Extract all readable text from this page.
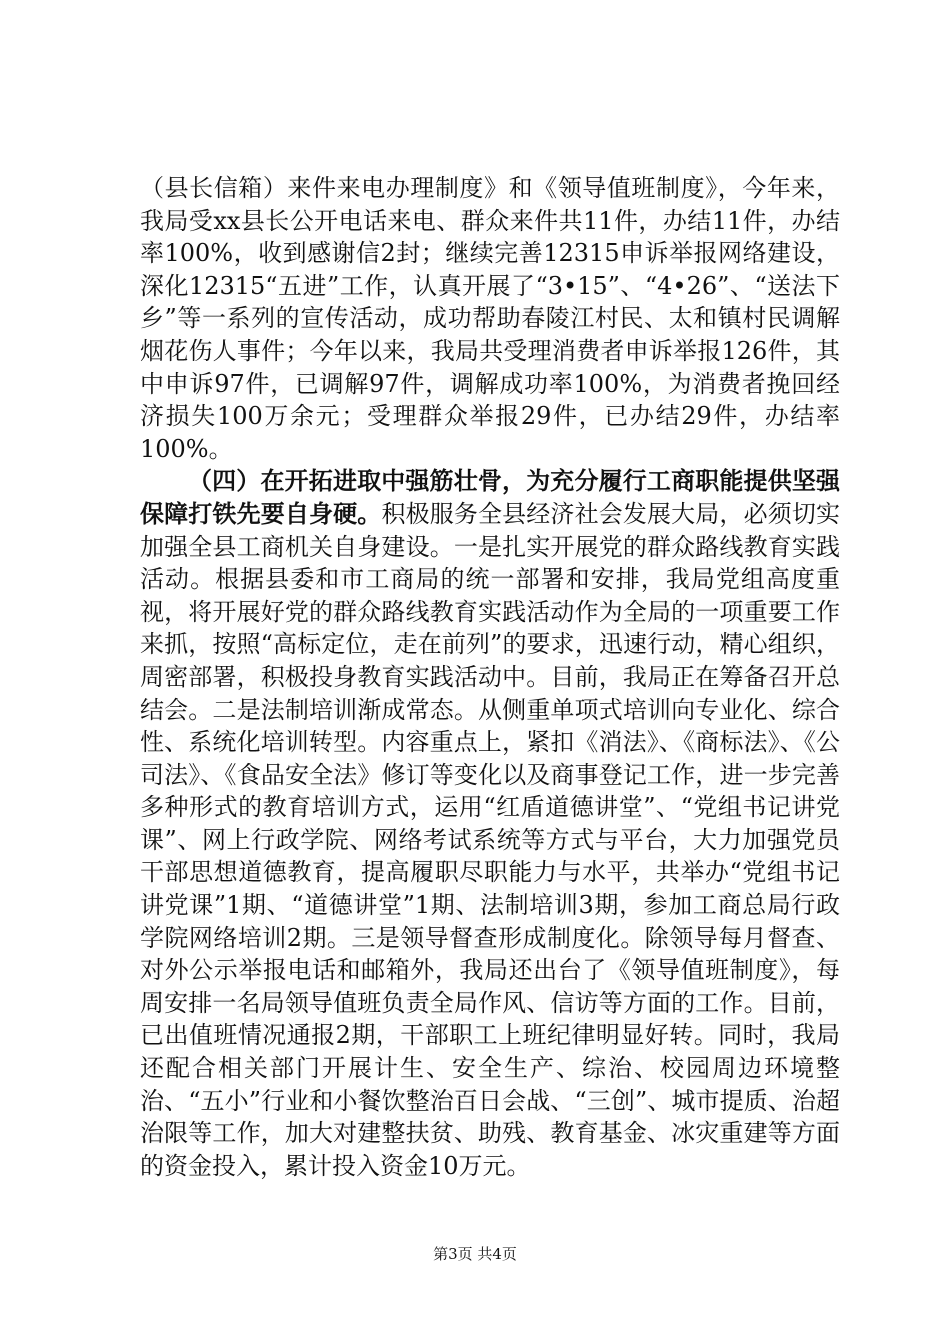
（县长信箱）来件来电办理制度》和《领导值班制度》，今年来，我局受xx县长公开电话来电、群众来件共11件，办结11件，办结率100%，收到感谢信2封；继续完善12315申诉举报网络建设，深化12315“五进”工作，认真开展了“3•15”、“4•26”、“送法下乡”等一系列的宣传活动，成功帮助春陵江村民、太和镇村民调解烟花伤人事件；今年以来，我局共受理消费者申诉举报126件，其中申诉97件，已调解97件，调解成功率100%，为消费者挽回经济损失100万余元；受理群众举报29件，已办结29件，办结率100%。

（四）在开拓进取中强筋壮骨，为充分履行工商职能提供坚强保障打铁先要自身硬。积极服务全县经济社会发展大局，必须切实加强全县工商机关自身建设。一是扎实开展党的群众路线教育实践活动。根据县委和市工商局的统一部署和安排，我局党组高度重视，将开展好党的群众路线教育实践活动作为全局的一项重要工作来抓，按照“高标定位，走在前列”的要求，迅速行动，精心组织，周密部署，积极投身教育实践活动中。目前，我局正在筹备召开总结会。二是法制培训渐成常态。从侧重单项式培训向专业化、综合性、系统化培训转型。内容重点上，紧扣《消法》、《商标法》、《公司法》、《食品安全法》修订等变化以及商事登记工作，进一步完善多种形式的教育培训方式，运用“红盾道德讲堂”、“党组书记讲党课”、网上行政学院、网络考试系统等方式与平台，大力加强党员干部思想道德教育，提高履职尽职能力与水平，共举办“党组书记讲党课”1期、“道德讲堂”1期、法制培训3期，参加工商总局行政学院网络培训2期。三是领导督查形成制度化。除领导每月督查、对外公示举报电话和邮箱外，我局还出台了《领导值班制度》，每周安排一名局领导值班负责全局作风、信访等方面的工作。目前，已出值班情况通报2期，干部职工上班纪律明显好转。同时，我局还配合相关部门开展计生、安全生产、综治、校园周边环境整治、“五小”行业和小餐饮整治百日会战、“三创”、城市提质、治超治限等工作，加大对建整扶贫、助残、教育基金、冰灾重建等方面的资金投入，累计投入资金10万元。

第3页 共4页
